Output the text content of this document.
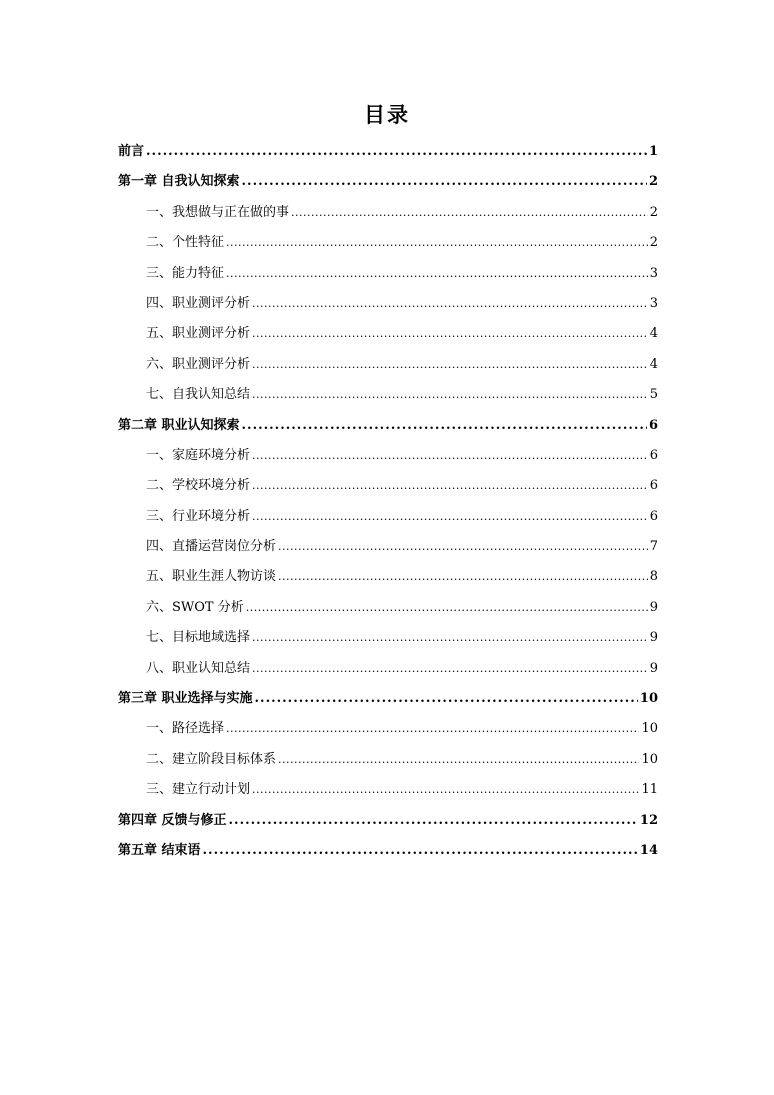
目录
前言 .....	1
第一章 自我认知探索 .....	2
一、我想做与正在做的事 .....	2
二、个性特征 .....	2
三、能力特征 .....	3
四、职业测评分析 .....	3
五、职业测评分析 .....	4
六、职业测评分析 .....	4
七、自我认知总结 .....	5
第二章 职业认知探索 .....	6
一、家庭环境分析 .....	6
二、学校环境分析 .....	6
三、行业环境分析 .....	6
四、直播运营岗位分析 .....	7
五、职业生涯人物访谈 .....	8
六、SWOT 分析 .....	9
七、目标地域选择 .....	9
八、职业认知总结 .....	9
第三章 职业选择与实施 .....	10
一、路径选择 .....	10
二、建立阶段目标体系 .....	10
三、建立行动计划 .....	11
第四章 反馈与修正 .....	12
第五章 结束语 .....	14
